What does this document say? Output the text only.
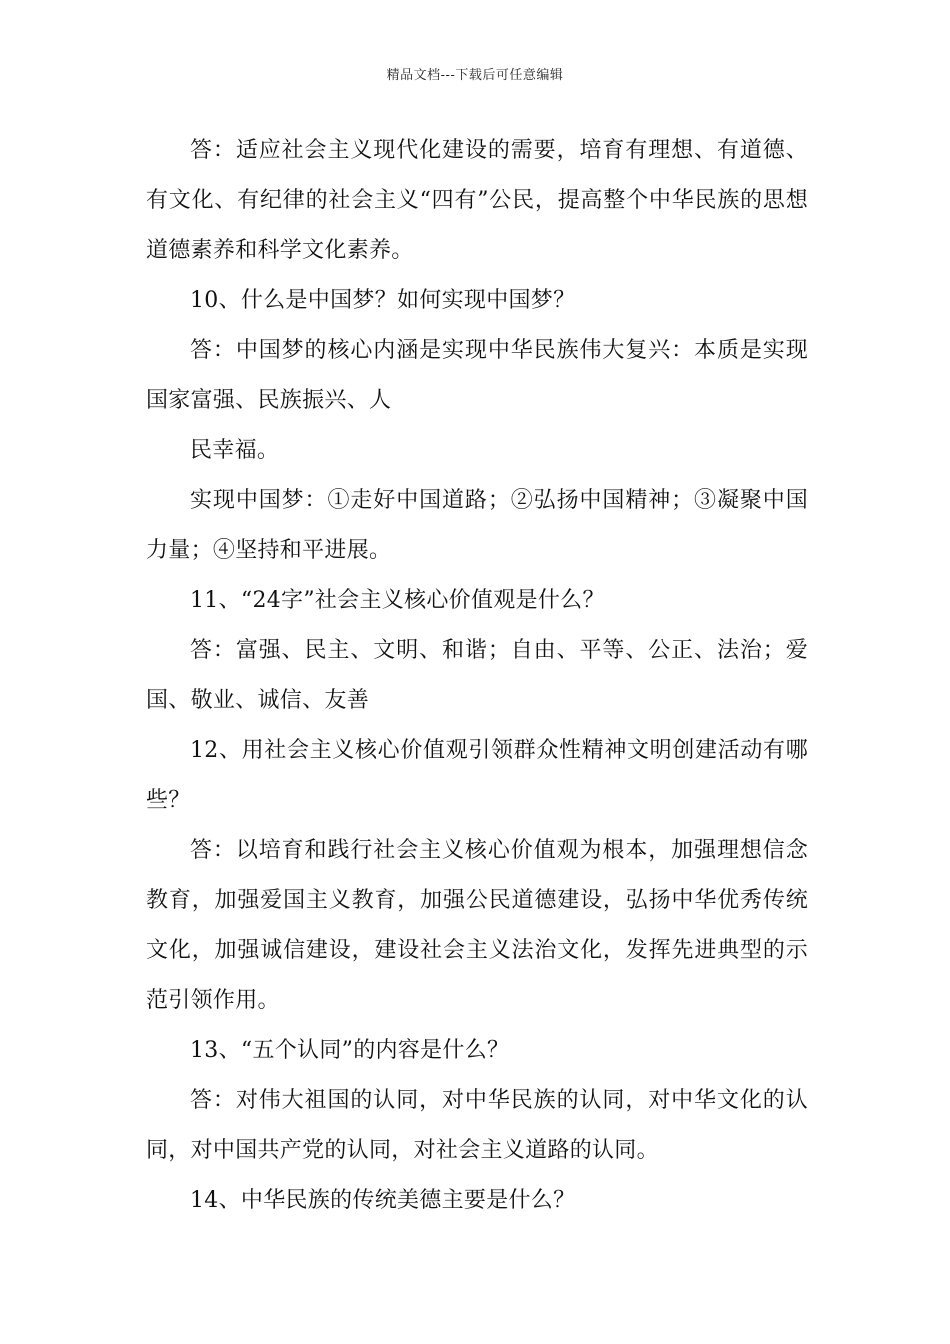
精品文档---下载后可任意编辑

答：适应社会主义现代化建设的需要，培育有理想、有道德、有文化、有纪律的社会主义“四有”公民，提高整个中华民族的思想道德素养和科学文化素养。

10、什么是中国梦？如何实现中国梦？

答：中国梦的核心内涵是实现中华民族伟大复兴：本质是实现国家富强、民族振兴、人

民幸福。

实现中国梦：①走好中国道路；②弘扬中国精神；③凝聚中国力量；④坚持和平进展。

11、“24字”社会主义核心价值观是什么？

答：富强、民主、文明、和谐；自由、平等、公正、法治；爱国、敬业、诚信、友善

12、用社会主义核心价值观引领群众性精神文明创建活动有哪些？

答：以培育和践行社会主义核心价值观为根本，加强理想信念教育，加强爱国主义教育，加强公民道德建设，弘扬中华优秀传统文化，加强诚信建设，建设社会主义法治文化，发挥先进典型的示范引领作用。

13、“五个认同”的内容是什么？

答：对伟大祖国的认同，对中华民族的认同，对中华文化的认同，对中国共产党的认同，对社会主义道路的认同。

14、中华民族的传统美德主要是什么？
